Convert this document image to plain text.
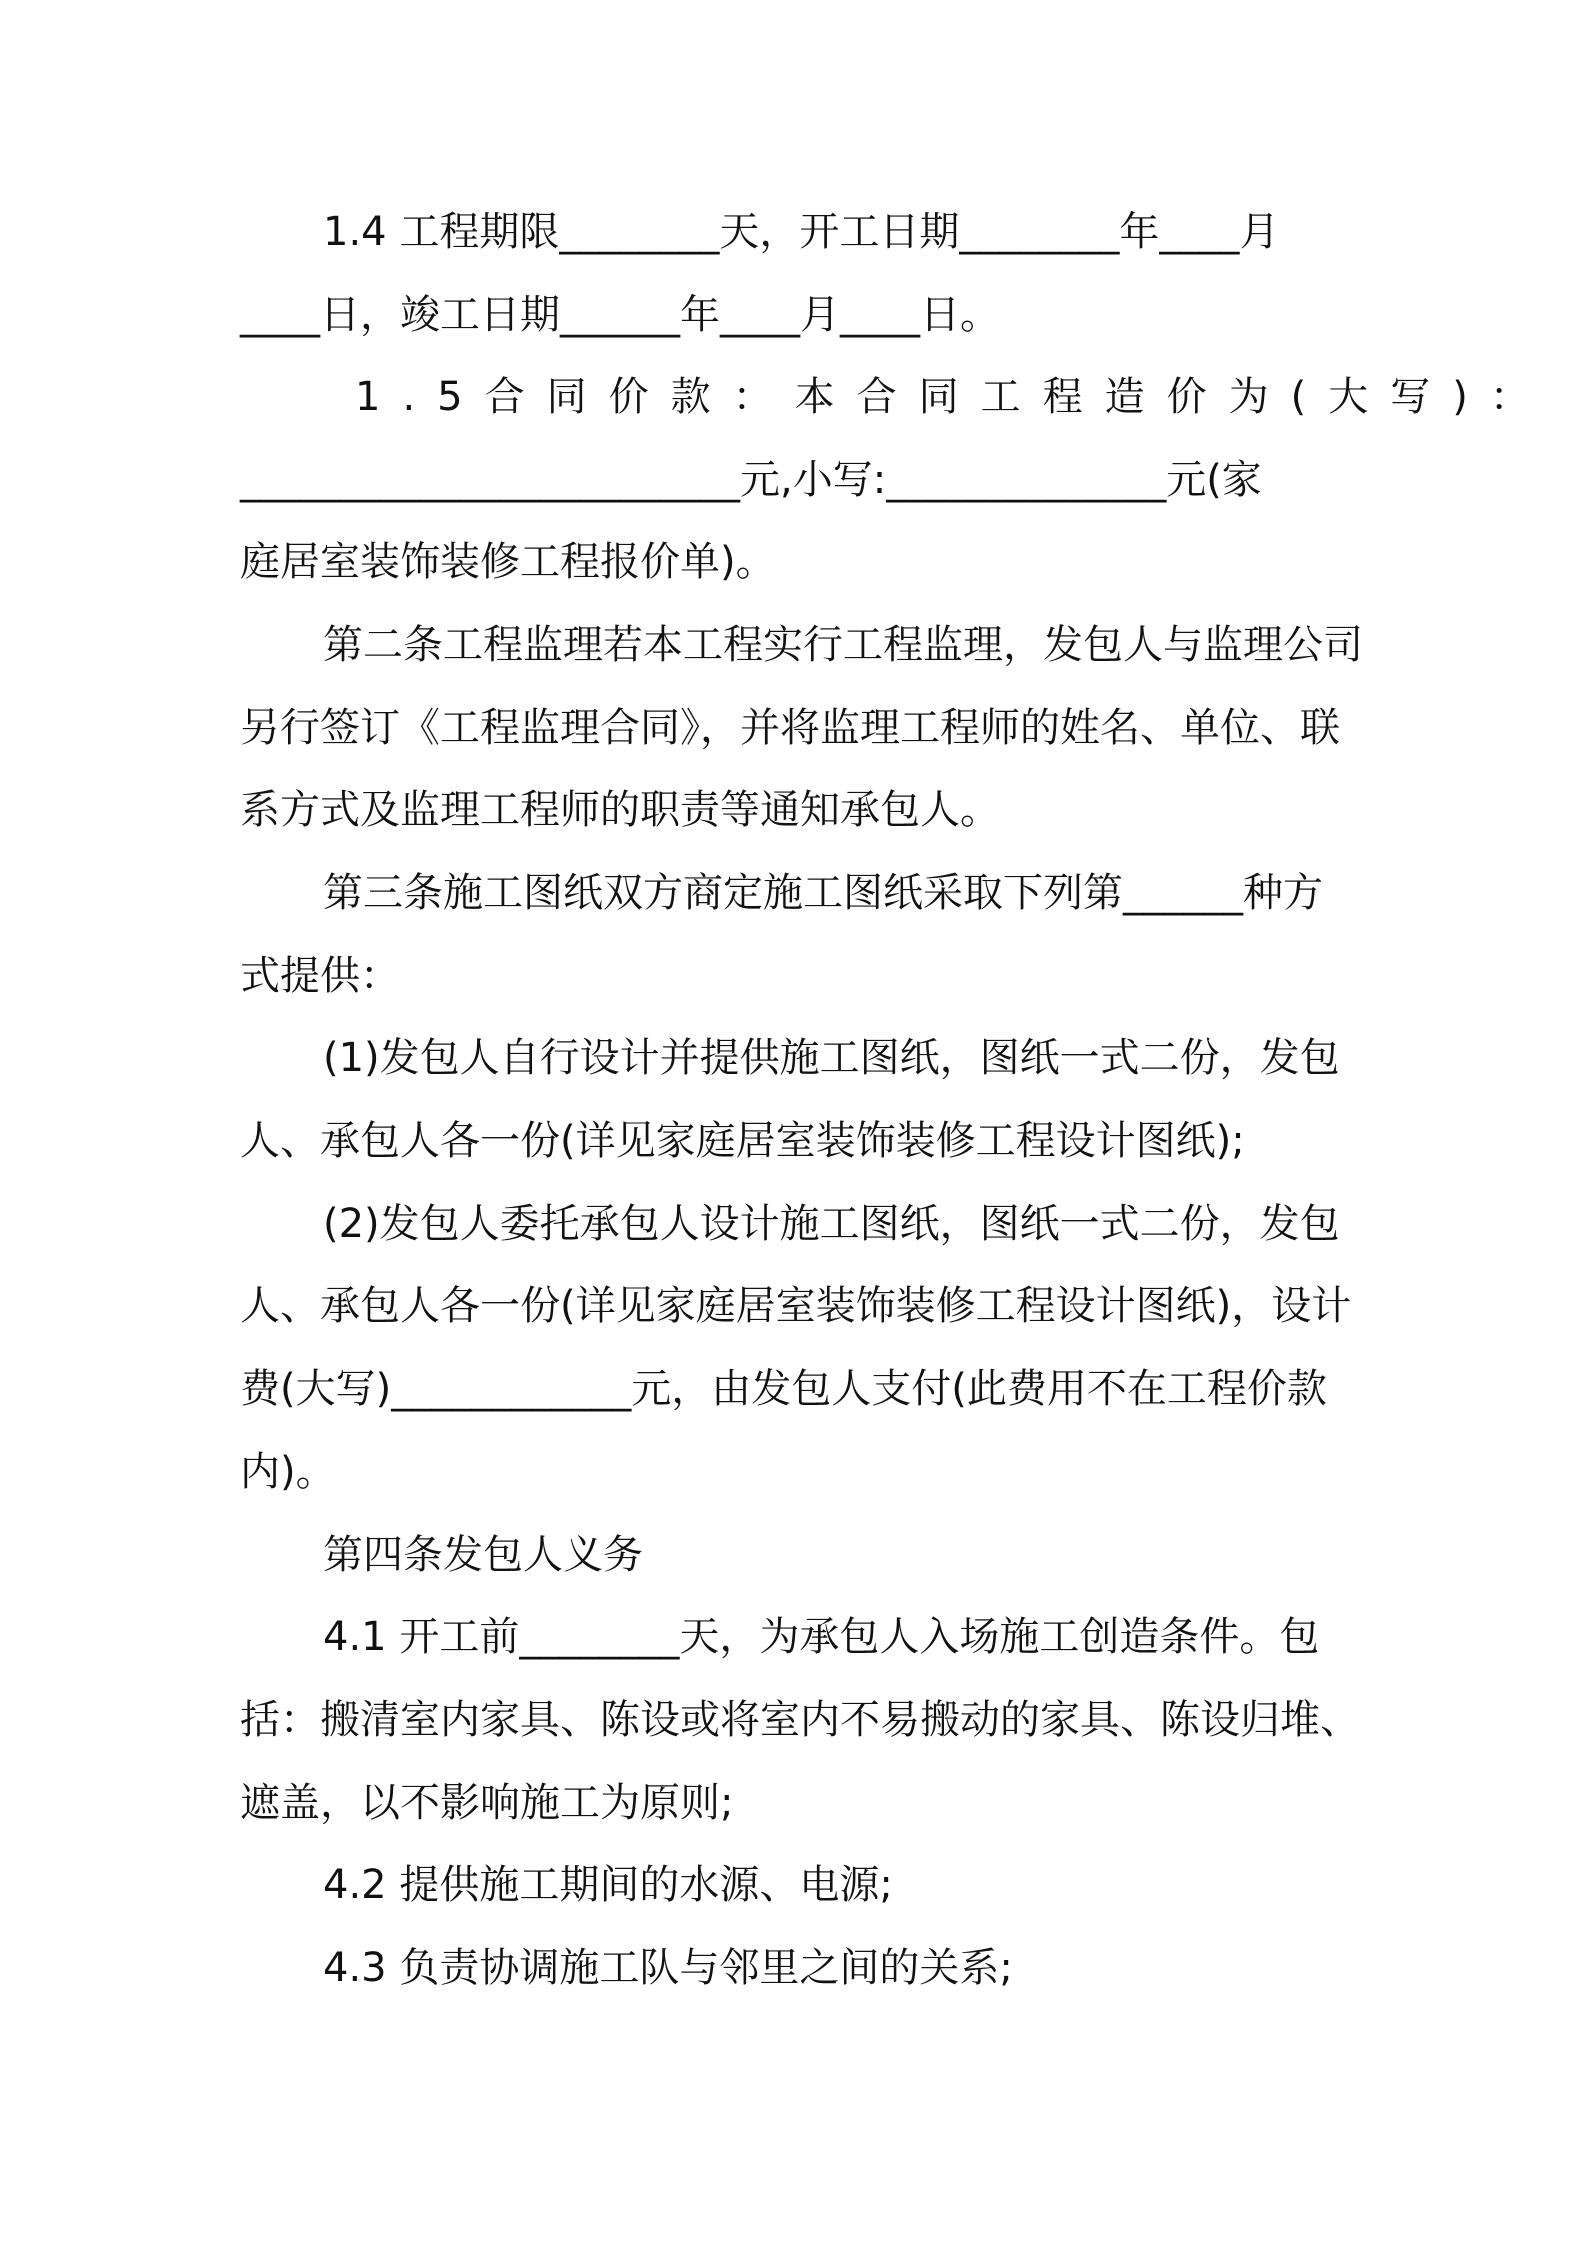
1.4 工程期限________天，开工日期________年____月

____日，竣工日期______年____月____日。

1.5合同价款：本合同工程造价为(大写)：

_________________________元,小写:______________元(家

庭居室装饰装修工程报价单)。

第二条工程监理若本工程实行工程监理，发包人与监理公司

另行签订《工程监理合同》，并将监理工程师的姓名、单位、联

系方式及监理工程师的职责等通知承包人。

第三条施工图纸双方商定施工图纸采取下列第______种方

式提供：

(1)发包人自行设计并提供施工图纸，图纸一式二份，发包

人、承包人各一份(详见家庭居室装饰装修工程设计图纸);

(2)发包人委托承包人设计施工图纸，图纸一式二份，发包

人、承包人各一份(详见家庭居室装饰装修工程设计图纸)，设计

费(大写)____________元，由发包人支付(此费用不在工程价款

内)。

第四条发包人义务

4.1 开工前________天，为承包人入场施工创造条件。包

括：搬清室内家具、陈设或将室内不易搬动的家具、陈设归堆、

遮盖，以不影响施工为原则;

4.2 提供施工期间的水源、电源;

4.3 负责协调施工队与邻里之间的关系;
